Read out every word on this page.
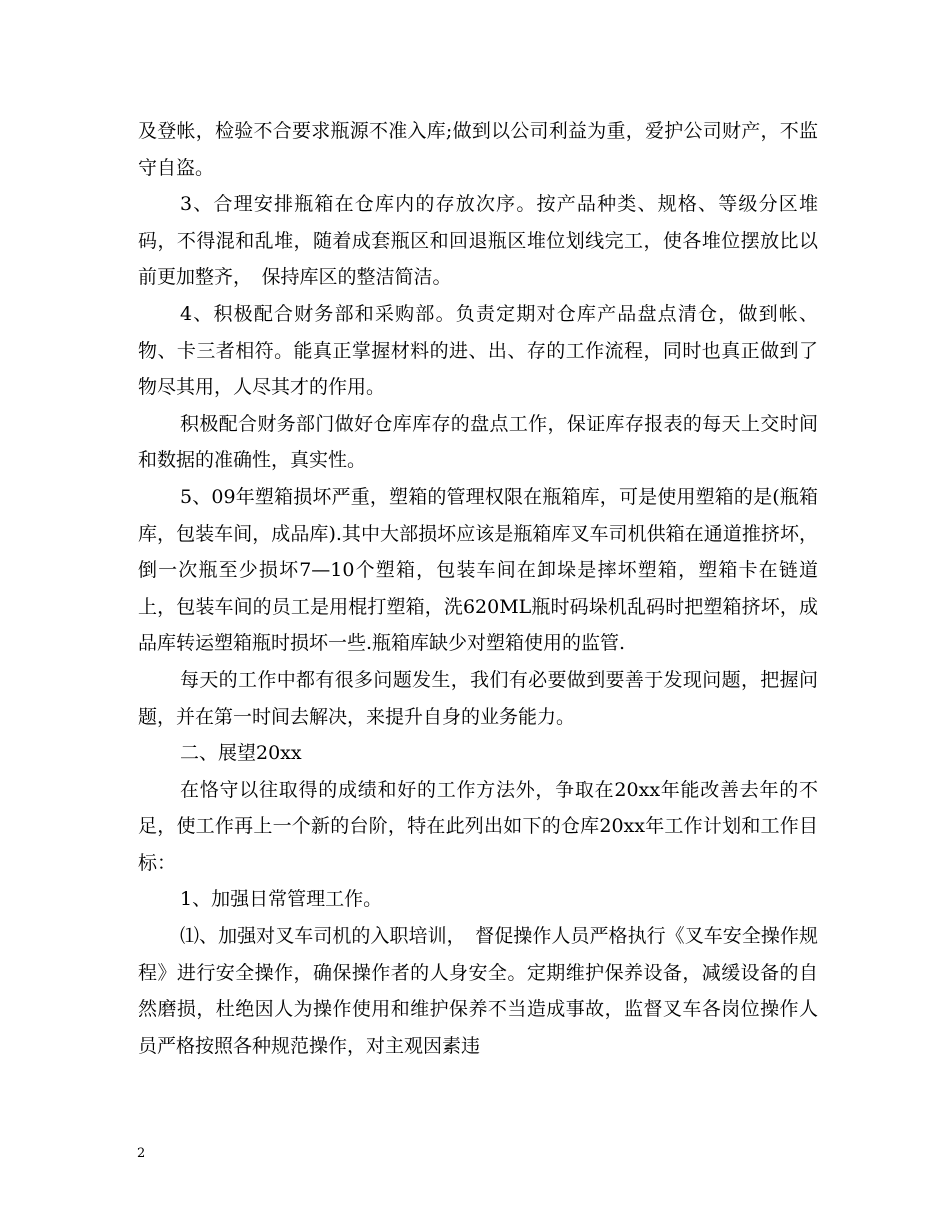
及登帐，检验不合要求瓶源不准入库;做到以公司利益为重，爱护公司财产，不监守自盗。

3、合理安排瓶箱在仓库内的存放次序。按产品种类、规格、等级分区堆码，不得混和乱堆，随着成套瓶区和回退瓶区堆位划线完工，使各堆位摆放比以前更加整齐，　保持库区的整洁简洁。

4、积极配合财务部和采购部。负责定期对仓库产品盘点清仓，做到帐、物、卡三者相符。能真正掌握材料的进、出、存的工作流程，同时也真正做到了物尽其用，人尽其才的作用。

积极配合财务部门做好仓库库存的盘点工作，保证库存报表的每天上交时间和数据的准确性，真实性。

5、09年塑箱损坏严重，塑箱的管理权限在瓶箱库，可是使用塑箱的是(瓶箱库，包装车间，成品库).其中大部损坏应该是瓶箱库叉车司机供箱在通道推挤坏，倒一次瓶至少损坏7—10个塑箱，包装车间在卸垛是摔坏塑箱，塑箱卡在链道上，包装车间的员工是用棍打塑箱，洗620ML瓶时码垛机乱码时把塑箱挤坏，成品库转运塑箱瓶时损坏一些.瓶箱库缺少对塑箱使用的监管.

每天的工作中都有很多问题发生，我们有必要做到要善于发现问题，把握问题，并在第一时间去解决，来提升自身的业务能力。

二、展望20xx

在恪守以往取得的成绩和好的工作方法外，争取在20xx年能改善去年的不足，使工作再上一个新的台阶，特在此列出如下的仓库20xx年工作计划和工作目标：

1、加强日常管理工作。

⑴、加强对叉车司机的入职培训，　督促操作人员严格执行《叉车安全操作规程》进行安全操作，确保操作者的人身安全。定期维护保养设备，减缓设备的自然磨损，杜绝因人为操作使用和维护保养不当造成事故，监督叉车各岗位操作人员严格按照各种规范操作，对主观因素违

2
